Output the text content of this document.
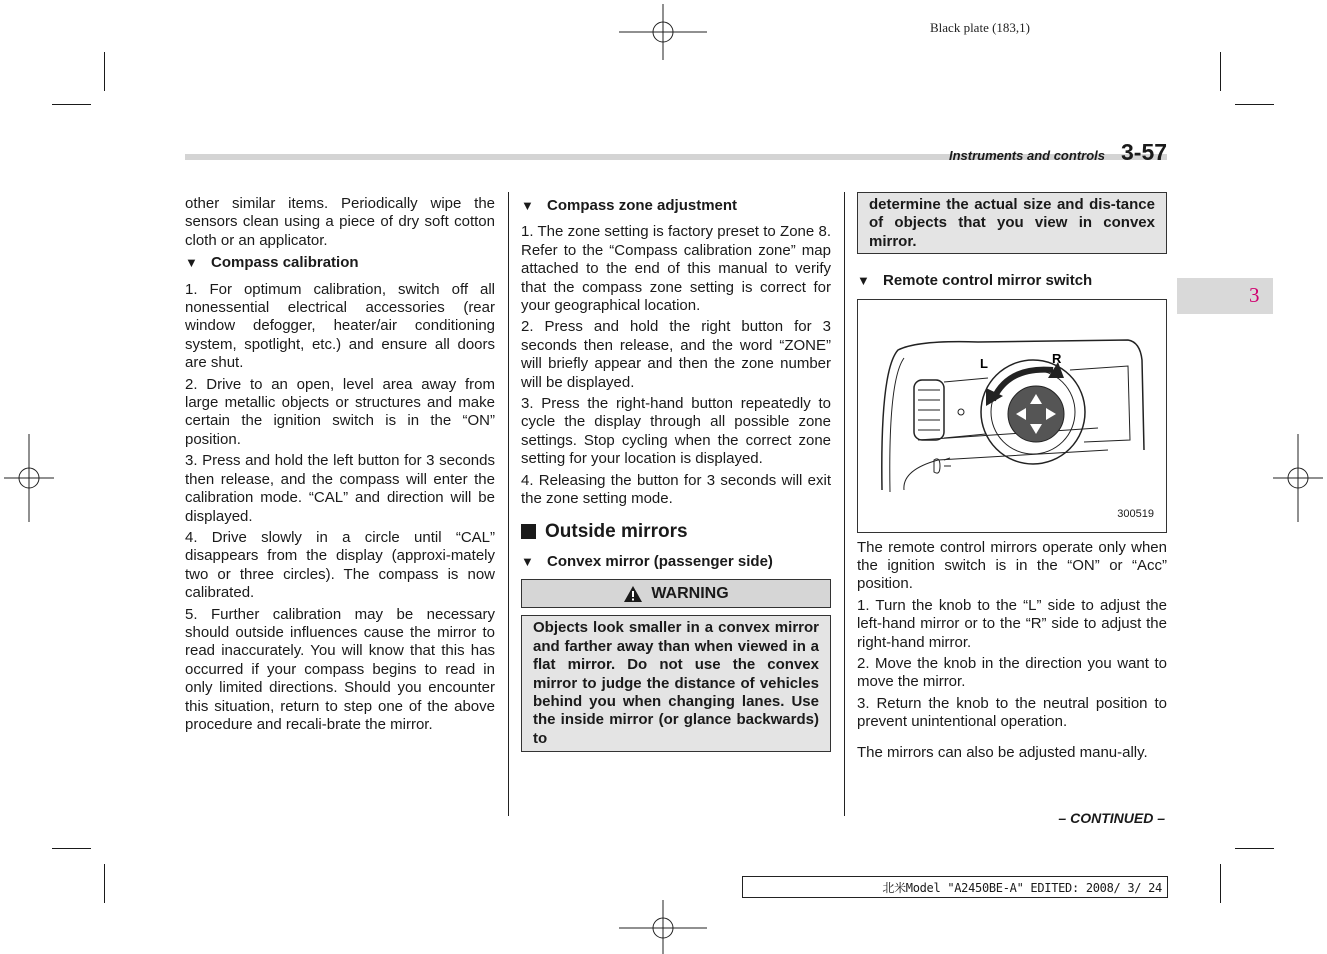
Black plate (183,1)
Instruments and controls 3-57
3

other similar items. Periodically wipe the sensors clean using a piece of dry soft cotton cloth or an applicator.

▼ Compass calibration

1. For optimum calibration, switch off all nonessential electrical accessories (rear window defogger, heater/air conditioning system, spotlight, etc.) and ensure all doors are shut.

2. Drive to an open, level area away from large metallic objects or structures and make certain the ignition switch is in the “ON” position.

3. Press and hold the left button for 3 seconds then release, and the compass will enter the calibration mode. “CAL” and direction will be displayed.

4. Drive slowly in a circle until “CAL” disappears from the display (approxi-mately two or three circles). The compass is now calibrated.

5. Further calibration may be necessary should outside influences cause the mirror to read inaccurately. You will know that this has occurred if your compass begins to read in only limited directions. Should you encounter this situation, return to step one of the above procedure and recali-brate the mirror.

▼ Compass zone adjustment

1. The zone setting is factory preset to Zone 8. Refer to the “Compass calibration zone” map attached to the end of this manual to verify that the compass zone setting is correct for your geographical location.

2. Press and hold the right button for 3 seconds then release, and the word “ZONE” will briefly appear and then the zone number will be displayed.

3. Press the right-hand button repeatedly to cycle the display through all possible zone settings. Stop cycling when the correct zone setting for your location is displayed.

4. Releasing the button for 3 seconds will exit the zone setting mode.

Outside mirrors

▼ Convex mirror (passenger side)

WARNING
Objects look smaller in a convex mirror and farther away than when viewed in a flat mirror. Do not use the convex mirror to judge the distance of vehicles behind you when changing lanes. Use the inside mirror (or glance backwards) to
determine the actual size and dis-tance of objects that you view in convex mirror.

▼ Remote control mirror switch

L	R
300519

The remote control mirrors operate only when the ignition switch is in the “ON” or “Acc” position.

1. Turn the knob to the “L” side to adjust the left-hand mirror or to the “R” side to adjust the right-hand mirror.

2. Move the knob in the direction you want to move the mirror.

3. Return the knob to the neutral position to prevent unintentional operation.

The mirrors can also be adjusted manu-ally.

– CONTINUED –
北米Model "A2450BE-A" EDITED: 2008/ 3/ 24
